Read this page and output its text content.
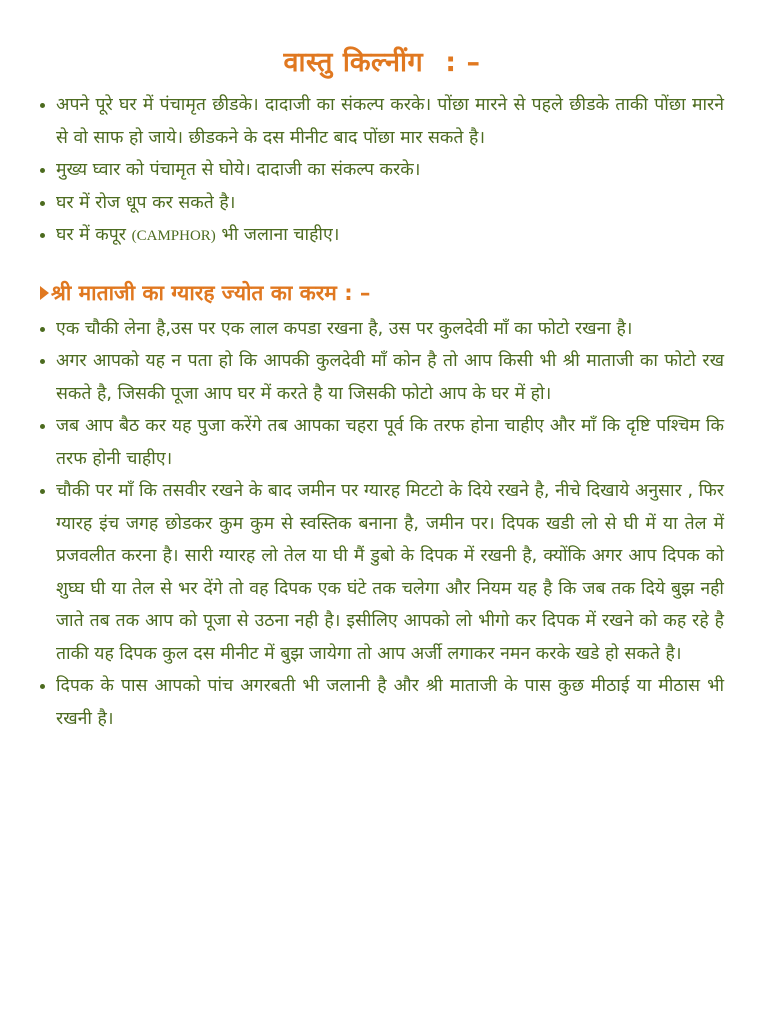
वास्तु किल्नींग : –
अपने पूरे घर में पंचामृत छीडके। दादाजी का संकल्प करके। पोंछा मारने से पहले छीडके ताकी पोंछा मारने से वो साफ हो जाये। छीडकने के दस मीनीट बाद पोंछा मार सकते है।
मुख्य घ्वार को पंचामृत से घोये। दादाजी का संकल्प करके।
घर में रोज धूप कर सकते है।
घर में कपूर (CAMPHOR) भी जलाना चाहीए।
श्री माताजी का ग्यारह ज्योत का करम
: –
एक चौकी लेना है,उस पर एक लाल कपडा रखना है, उस पर कुलदेवी माँ का फोटो रखना है।
अगर आपको यह न पता हो कि आपकी कुलदेवी माँ कोन है तो आप किसी भी श्री माताजी का फोटो रख सकते है, जिसकी पूजा आप घर में करते है या जिसकी फोटो आप के घर में हो।
जब आप बैठ कर यह पुजा करेंगे तब आपका चहरा पूर्व कि तरफ होना चाहीए और माँ कि दृष्टि पश्चिम कि तरफ होनी चाहीए।
चौकी पर माँ कि तसवीर रखने के बाद जमीन पर ग्यारह मिटटो के दिये रखने है, नीचे दिखाये अनुसार , फिर ग्यारह इंच जगह छोडकर कुम कुम से स्वस्तिक बनाना है, जमीन पर। दिपक खडी लो से घी में या तेल में प्रजवलीत करना है। सारी ग्यारह लो तेल या घी मैं डुबो के दिपक में रखनी है, क्योंकि अगर आप दिपक को शुघ्घ घी या तेल से भर देंगे तो वह दिपक एक घंटे तक चलेगा और नियम यह है कि जब तक दिये बुझ नही जाते तब तक आप को पूजा से उठना नही है। इसीलिए आपको लो भीगो कर दिपक में रखने को कह रहे है ताकी यह दिपक कुल दस मीनीट में बुझ जायेगा तो आप अर्जी लगाकर नमन करके खडे हो सकते है।
दिपक के पास आपको पांच अगरबती भी जलानी है और श्री माताजी के पास कुछ मीठाई या मीठास भी रखनी है।
